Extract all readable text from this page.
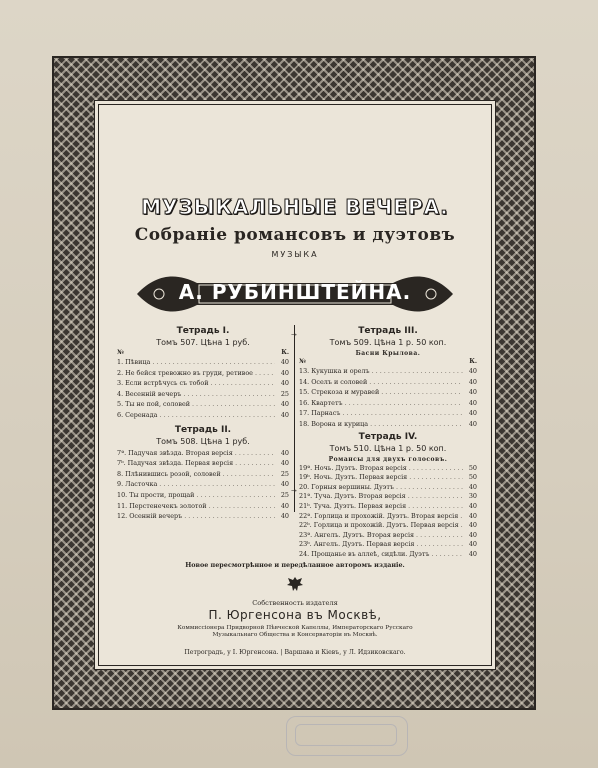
МУЗЫКАЛЬНЫЕ ВЕЧЕРА.
Собраніе романсовъ и дуэтовъ
МУЗЫКА
А. РУБИНШТЕЙНА.
→
→
Тетрадь I.
Томъ 507. Цѣна 1 руб.
№	К.
1. Пѣвица . . .	40
2. Не бейся тревожно въ груди, ретивое . . .	40
3. Если встрѣчусь съ тобой . . .	40
4. Весенній вечеръ . . .	25
5. Ты не пой, соловей . . .	40
6. Серенада . . .	40
Тетрадь II.
Томъ 508. Цѣна 1 руб.
7ª. Падучая звѣзда. Вторая версія . . .	40
7ᵇ. Падучая звѣзда. Первая версія . . .	40
8. Плѣнившись розой, соловей . . .	25
9. Ласточка . . .	40
10. Ты прости, прощай . . .	25
11. Перстенечекъ золотой . . .	40
12. Осенній вечеръ . . .	40
Тетрадь III.
Томъ 509. Цѣна 1 р. 50 коп.
Басни Крылова.
№	К.
13. Кукушка и орелъ . . .	40
14. Оселъ и соловей . . .	40
15. Стрекоза и муравей . . .	40
16. Квартетъ . . .	40
17. Парнасъ . . .	40
18. Ворона и курица . . .	40
Тетрадь IV.
Томъ 510. Цѣна 1 р. 50 коп.
Романсы для двухъ голосовъ.
19ª. Ночь. Дуэтъ. Вторая версія . . .	50
19ᵇ. Ночь. Дуэтъ. Первая версія . . .	50
20. Горныя вершины. Дуэтъ . . .	40
21ª. Туча. Дуэтъ. Вторая версія . . .	30
21ᵇ. Туча. Дуэтъ. Первая версія . . .	40
22ª. Горлица и прохожій. Дуэтъ. Вторая версія . . .	40
22ᵇ. Горлица и прохожій. Дуэтъ. Первая версія . . .	40
23ª. Ангелъ. Дуэтъ. Вторая версія . . .	40
23ᵇ. Ангелъ. Дуэтъ. Первая версія . . .	40
24. Прощанье въ аллеѣ, сидѣли. Дуэтъ . . .	40
Новое пересмотрѣнное и передѣланное авторомъ изданіе.
Собственность издателя
П. Юргенсона въ Москвѣ,
Коммиссіонера Придворной Пѣвческой Капеллы, Императорскаго Русскаго
Музыкальнаго Общества и Консерваторіи въ Москвѣ.
Петроградъ, у І. Юргенсона. | Варшава и Кіевъ, у Л. Идзиковскаго.
